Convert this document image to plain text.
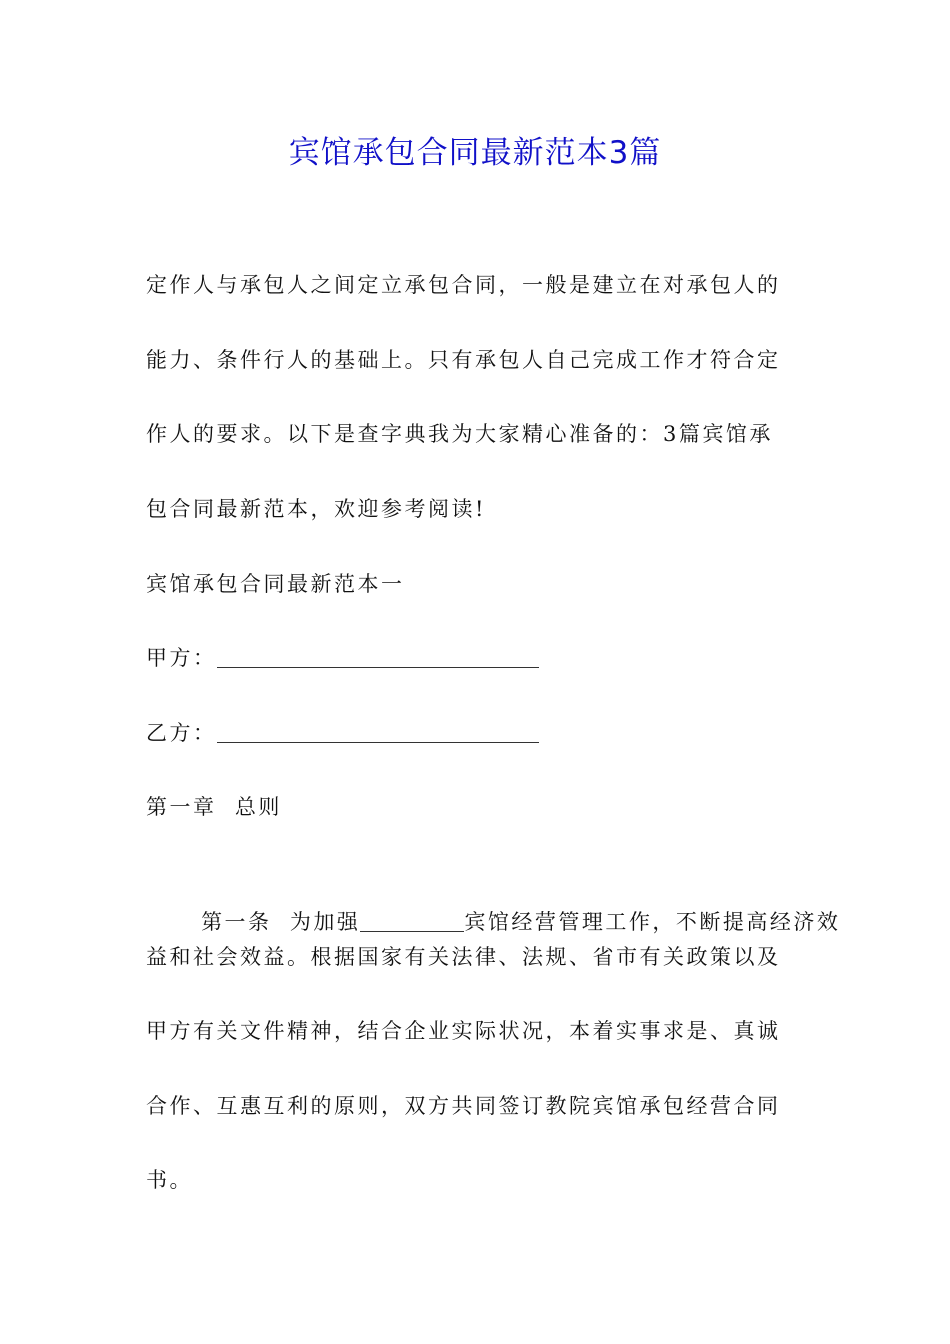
宾馆承包合同最新范本3篇
定作人与承包人之间定立承包合同，一般是建立在对承包人的
能力、条件行人的基础上。只有承包人自己完成工作才符合定
作人的要求。以下是查字典我为大家精心准备的：3篇宾馆承
包合同最新范本，欢迎参考阅读!
宾馆承包合同最新范本一
甲方：
乙方：
第一章  总则

第一条  为加强	宾馆经营管理工作，不断提高经济效

益和社会效益。根据国家有关法律、法规、省市有关政策以及
甲方有关文件精神，结合企业实际状况，本着实事求是、真诚
合作、互惠互利的原则，双方共同签订教院宾馆承包经营合同
书。
